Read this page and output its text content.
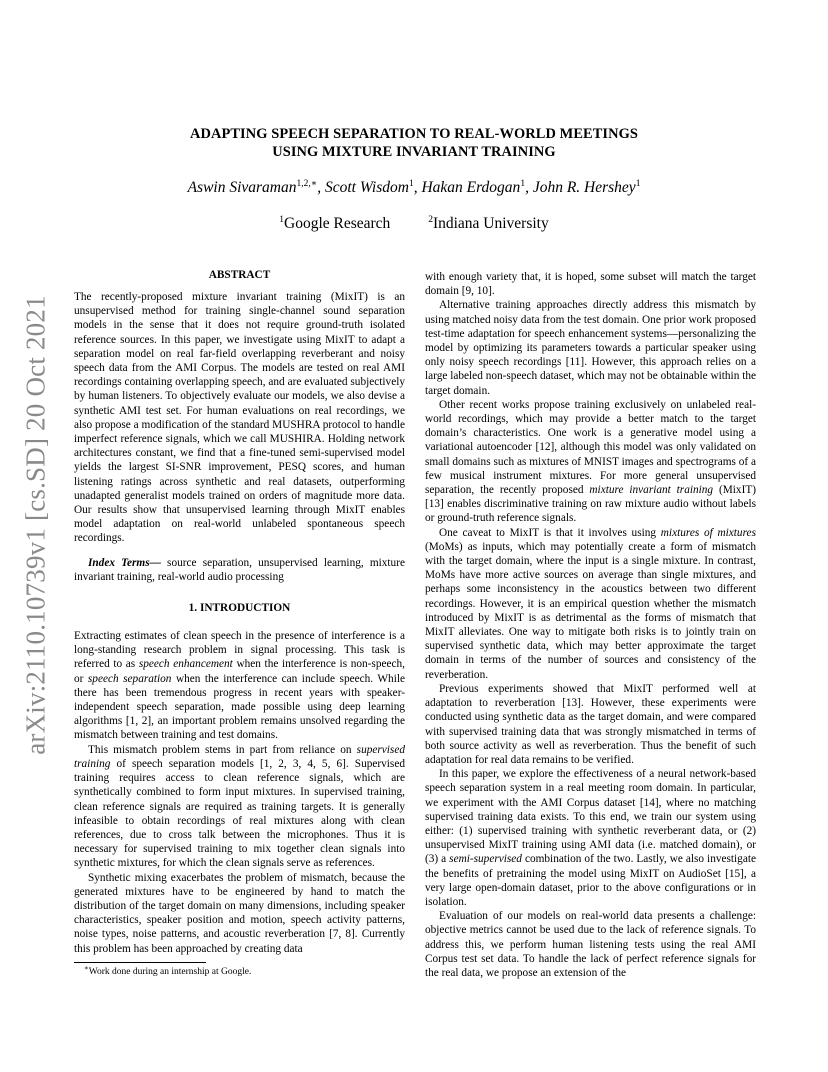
arXiv:2110.10739v1 [cs.SD] 20 Oct 2021
ADAPTING SPEECH SEPARATION TO REAL-WORLD MEETINGS
USING MIXTURE INVARIANT TRAINING
Aswin Sivaraman$^{1,2,∗}$, Scott Wisdom$^1$, Hakan Erdogan$^1$, John R. Hershey$^1$
$^1$Google Research	$^2$Indiana University
ABSTRACT

The recently-proposed mixture invariant training (MixIT) is an unsupervised method for training single-channel sound separation models in the sense that it does not require ground-truth isolated reference sources. In this paper, we investigate using MixIT to adapt a separation model on real far-field overlapping reverberant and noisy speech data from the AMI Corpus. The models are tested on real AMI recordings containing overlapping speech, and are evaluated subjectively by human listeners. To objectively evaluate our models, we also devise a synthetic AMI test set. For human evaluations on real recordings, we also propose a modification of the standard MUSHRA protocol to handle imperfect reference signals, which we call MUSHIRA. Holding network architectures constant, we find that a fine-tuned semi-supervised model yields the largest SI-SNR improvement, PESQ scores, and human listening ratings across synthetic and real datasets, outperforming unadapted generalist models trained on orders of magnitude more data. Our results show that unsupervised learning through MixIT enables model adaptation on real-world unlabeled spontaneous speech recordings.

Index Terms— source separation, unsupervised learning, mixture invariant training, real-world audio processing

1. INTRODUCTION

Extracting estimates of clean speech in the presence of interference is a long-standing research problem in signal processing. This task is referred to as speech enhancement when the interference is non-speech, or speech separation when the interference can include speech. While there has been tremendous progress in recent years with speaker-independent speech separation, made possible using deep learning algorithms [1, 2], an important problem remains unsolved regarding the mismatch between training and test domains.

This mismatch problem stems in part from reliance on supervised training of speech separation models [1, 2, 3, 4, 5, 6]. Supervised training requires access to clean reference signals, which are synthetically combined to form input mixtures. In supervised training, clean reference signals are required as training targets. It is generally infeasible to obtain recordings of real mixtures along with clean references, due to cross talk between the microphones. Thus it is necessary for supervised training to mix together clean signals into synthetic mixtures, for which the clean signals serve as references.

Synthetic mixing exacerbates the problem of mismatch, because the generated mixtures have to be engineered by hand to match the distribution of the target domain on many dimensions, including speaker characteristics, speaker position and motion, speech activity patterns, noise types, noise patterns, and acoustic reverberation [7, 8]. Currently this problem has been approached by creating data

with enough variety that, it is hoped, some subset will match the target domain [9, 10].

Alternative training approaches directly address this mismatch by using matched noisy data from the test domain. One prior work proposed test-time adaptation for speech enhancement systems—personalizing the model by optimizing its parameters towards a particular speaker using only noisy speech recordings [11]. However, this approach relies on a large labeled non-speech dataset, which may not be obtainable within the target domain.

Other recent works propose training exclusively on unlabeled real-world recordings, which may provide a better match to the target domain’s characteristics. One work is a generative model using a variational autoencoder [12], although this model was only validated on small domains such as mixtures of MNIST images and spectrograms of a few musical instrument mixtures. For more general unsupervised separation, the recently proposed mixture invariant training (MixIT) [13] enables discriminative training on raw mixture audio without labels or ground-truth reference signals.

One caveat to MixIT is that it involves using mixtures of mixtures (MoMs) as inputs, which may potentially create a form of mismatch with the target domain, where the input is a single mixture. In contrast, MoMs have more active sources on average than single mixtures, and perhaps some inconsistency in the acoustics between two different recordings. However, it is an empirical question whether the mismatch introduced by MixIT is as detrimental as the forms of mismatch that MixIT alleviates. One way to mitigate both risks is to jointly train on supervised synthetic data, which may better approximate the target domain in terms of the number of sources and consistency of the reverberation.

Previous experiments showed that MixIT performed well at adaptation to reverberation [13]. However, these experiments were conducted using synthetic data as the target domain, and were compared with supervised training data that was strongly mismatched in terms of both source activity as well as reverberation. Thus the benefit of such adaptation for real data remains to be verified.

In this paper, we explore the effectiveness of a neural network-based speech separation system in a real meeting room domain. In particular, we experiment with the AMI Corpus dataset [14], where no matching supervised training data exists. To this end, we train our system using either: (1) supervised training with synthetic reverberant data, or (2) unsupervised MixIT training using AMI data (i.e. matched domain), or (3) a semi-supervised combination of the two. Lastly, we also investigate the benefits of pretraining the model using MixIT on AudioSet [15], a very large open-domain dataset, prior to the above configurations or in isolation.

Evaluation of our models on real-world data presents a challenge: objective metrics cannot be used due to the lack of reference signals. To address this, we perform human listening tests using the real AMI Corpus test set data. To handle the lack of perfect reference signals for the real data, we propose an extension of the

∗Work done during an internship at Google.
